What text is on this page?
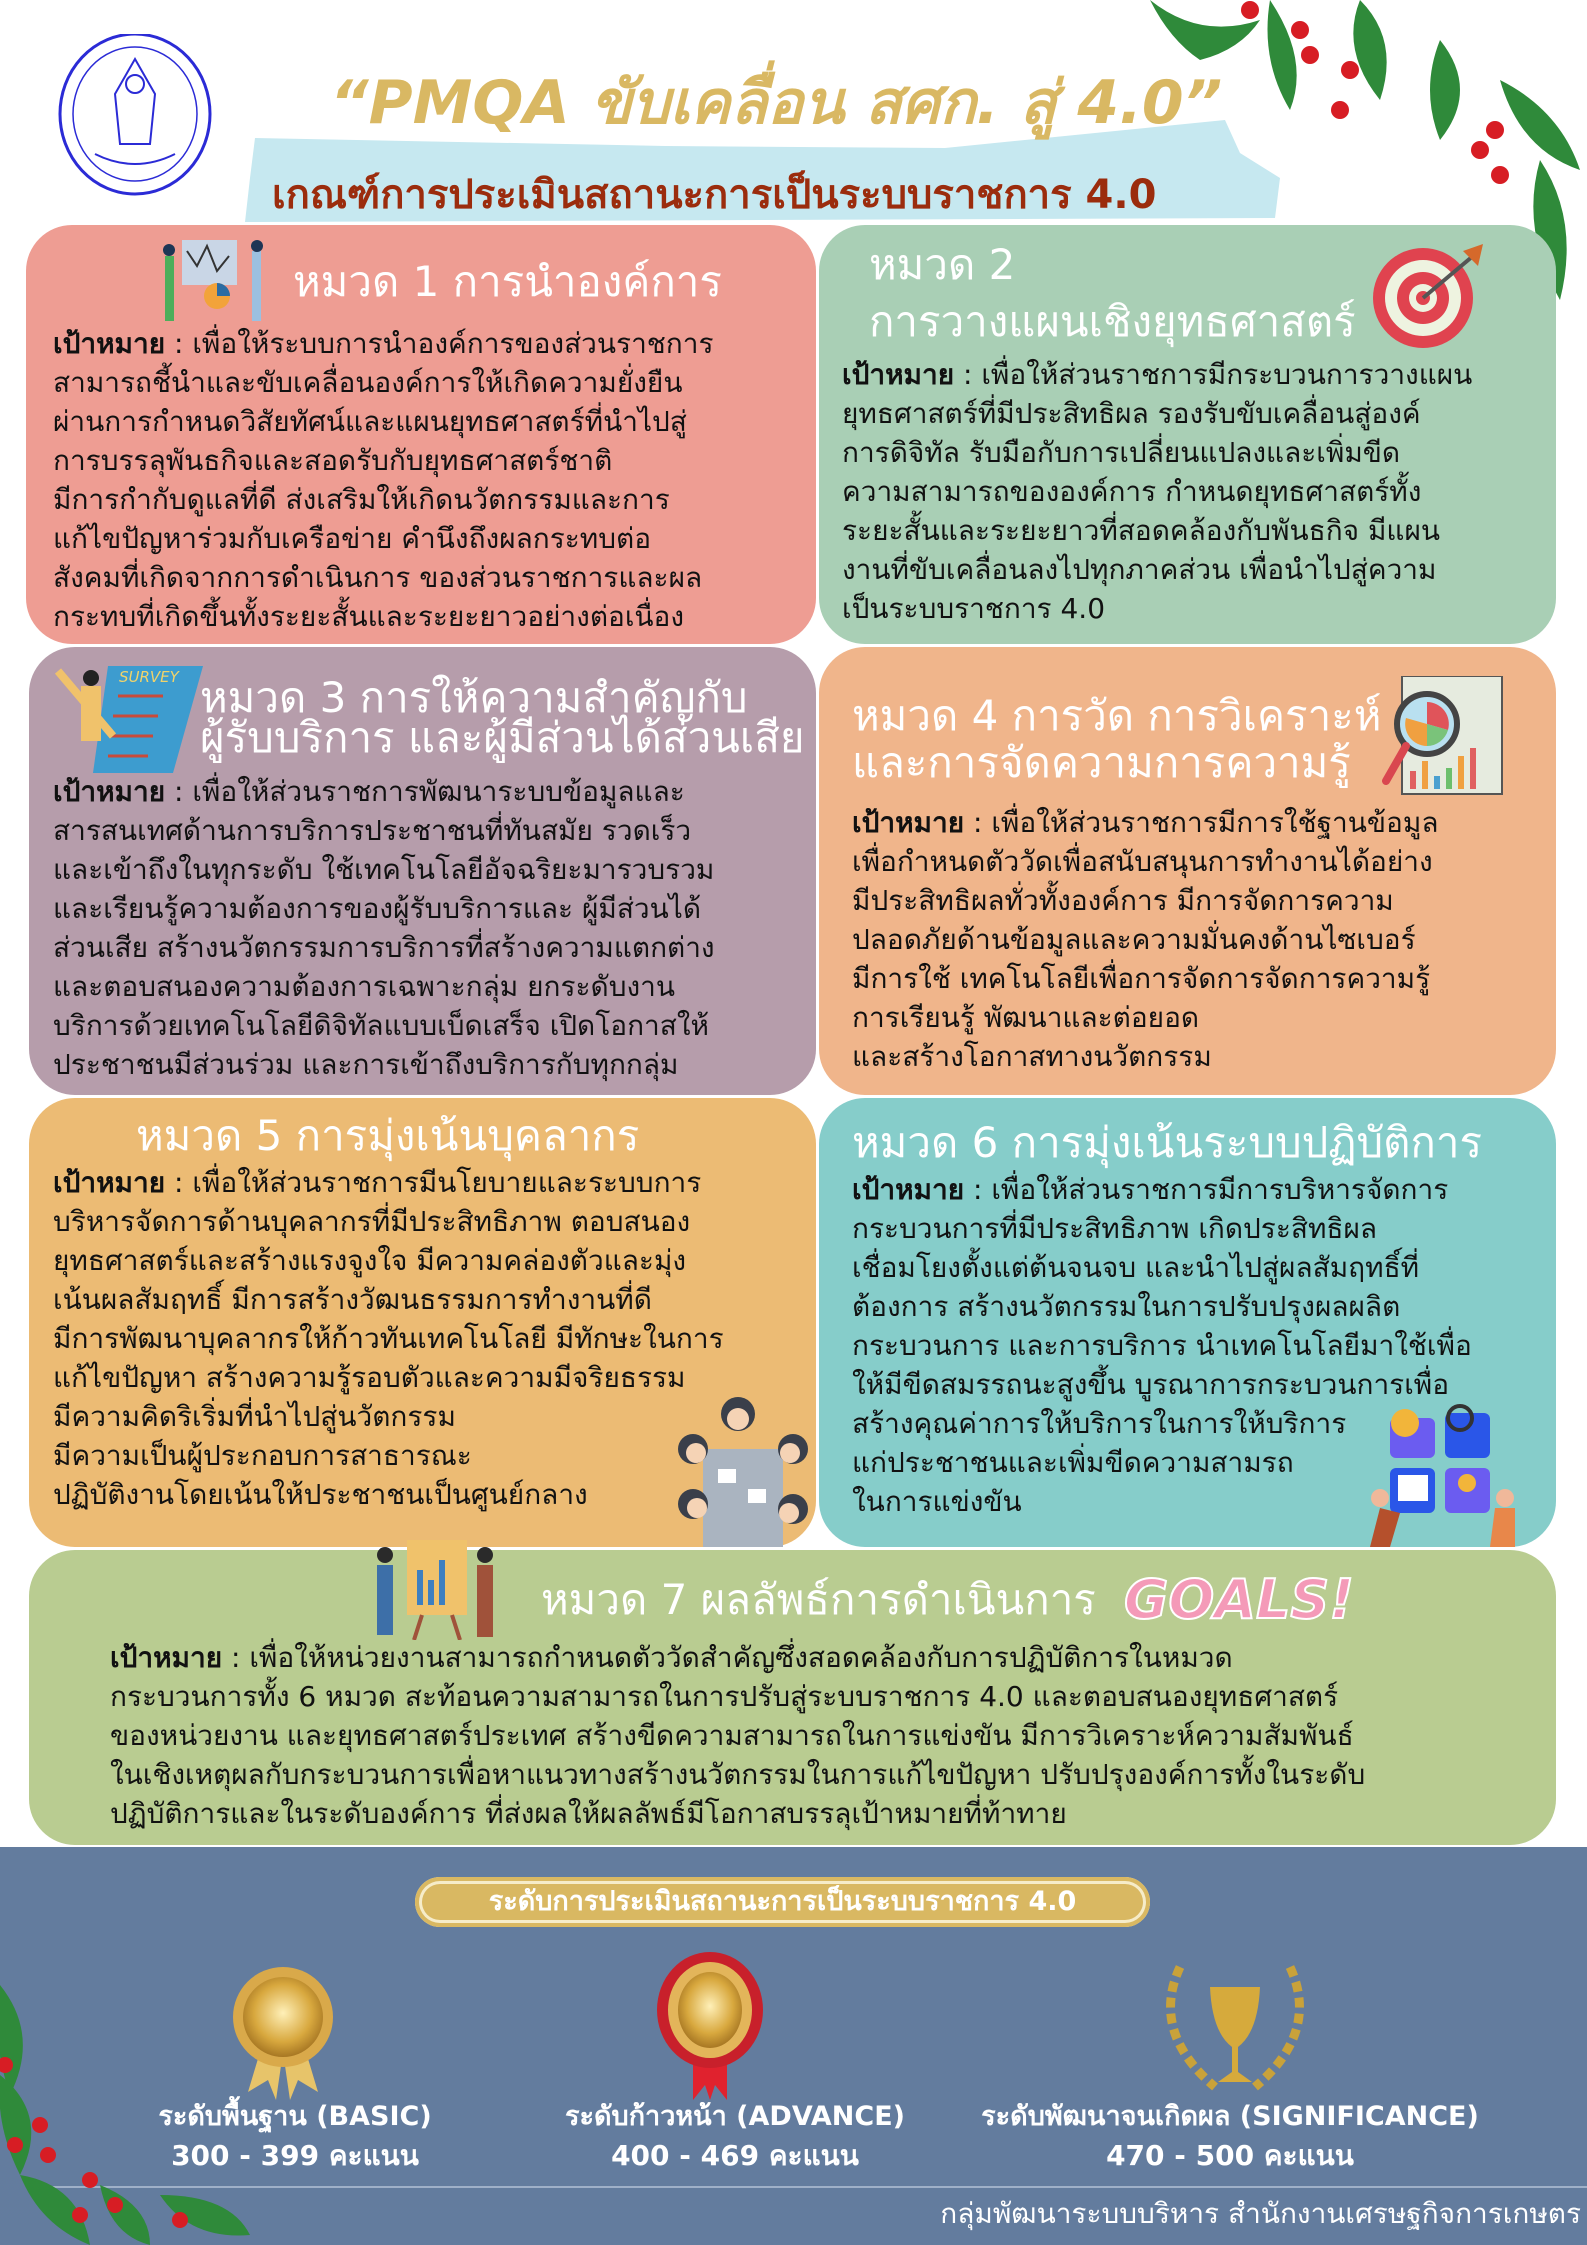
“PMQA ขับเคลื่อน สศก. สู่ 4.0”
เกณฑ์การประเมินสถานะการเป็นระบบราชการ 4.0
หมวด 1 การนำองค์การ
เป้าหมาย : เพื่อให้ระบบการนำองค์การของส่วนราชการ
สามารถชี้นำและขับเคลื่อนองค์การให้เกิดความยั่งยืน
ผ่านการกำหนดวิสัยทัศน์และแผนยุทธศาสตร์ที่นำไปสู่
การบรรลุพันธกิจและสอดรับกับยุทธศาสตร์ชาติ
มีการกำกับดูแลที่ดี ส่งเสริมให้เกิดนวัตกรรมและการ
แก้ไขปัญหาร่วมกับเครือข่าย คำนึงถึงผลกระทบต่อ
สังคมที่เกิดจากการดำเนินการ ของส่วนราชการและผล
กระทบที่เกิดขึ้นทั้งระยะสั้นและระยะยาวอย่างต่อเนื่อง
หมวด 2
การวางแผนเชิงยุทธศาสตร์
เป้าหมาย : เพื่อให้ส่วนราชการมีกระบวนการวางแผน
ยุทธศาสตร์ที่มีประสิทธิผล รองรับขับเคลื่อนสู่องค์
การดิจิทัล รับมือกับการเปลี่ยนแปลงและเพิ่มขีด
ความสามารถขององค์การ กำหนดยุทธศาสตร์ทั้ง
ระยะสั้นและระยะยาวที่สอดคล้องกับพันธกิจ มีแผน
งานที่ขับเคลื่อนลงไปทุกภาคส่วน เพื่อนำไปสู่ความ
เป็นระบบราชการ 4.0
SURVEY หมวด 3 การให้ความสำคัญกับ
ผู้รับบริการ และผู้มีส่วนได้ส่วนเสีย
เป้าหมาย : เพื่อให้ส่วนราชการพัฒนาระบบข้อมูลและ
สารสนเทศด้านการบริการประชาชนที่ทันสมัย รวดเร็ว
และเข้าถึงในทุกระดับ ใช้เทคโนโลยีอัจฉริยะมารวบรวม
และเรียนรู้ความต้องการของผู้รับบริการและ ผู้มีส่วนได้
ส่วนเสีย สร้างนวัตกรรมการบริการที่สร้างความแตกต่าง
และตอบสนองความต้องการเฉพาะกลุ่ม ยกระดับงาน
บริการด้วยเทคโนโลยีดิจิทัลแบบเบ็ดเสร็จ เปิดโอกาสให้
ประชาชนมีส่วนร่วม และการเข้าถึงบริการกับทุกกลุ่ม
หมวด 4 การวัด การวิเคราะห์
และการจัดความการความรู้
เป้าหมาย : เพื่อให้ส่วนราชการมีการใช้ฐานข้อมูล
เพื่อกำหนดตัววัดเพื่อสนับสนุนการทำงานได้อย่าง
มีประสิทธิผลทั่วทั้งองค์การ มีการจัดการความ
ปลอดภัยด้านข้อมูลและความมั่นคงด้านไซเบอร์
มีการใช้ เทคโนโลยีเพื่อการจัดการจัดการความรู้
การเรียนรู้ พัฒนาและต่อยอด
และสร้างโอกาสทางนวัตกรรม
หมวด 5 การมุ่งเน้นบุคลากร
เป้าหมาย : เพื่อให้ส่วนราชการมีนโยบายและระบบการ
บริหารจัดการด้านบุคลากรที่มีประสิทธิภาพ ตอบสนอง
ยุทธศาสตร์และสร้างแรงจูงใจ มีความคล่องตัวและมุ่ง
เน้นผลสัมฤทธิ์ มีการสร้างวัฒนธรรมการทำงานที่ดี
มีการพัฒนาบุคลากรให้ก้าวทันเทคโนโลยี มีทักษะในการ
แก้ไขปัญหา สร้างความรู้รอบตัวและความมีจริยธรรม
มีความคิดริเริ่มที่นำไปสู่นวัตกรรม
มีความเป็นผู้ประกอบการสาธารณะ
ปฏิบัติงานโดยเน้นให้ประชาชนเป็นศูนย์กลาง
หมวด 6 การมุ่งเน้นระบบปฏิบัติการ
เป้าหมาย : เพื่อให้ส่วนราชการมีการบริหารจัดการ
กระบวนการที่มีประสิทธิภาพ เกิดประสิทธิผล
เชื่อมโยงตั้งแต่ต้นจนจบ และนำไปสู่ผลสัมฤทธิ์ที่
ต้องการ สร้างนวัตกรรมในการปรับปรุงผลผลิต
กระบวนการ และการบริการ นำเทคโนโลยีมาใช้เพื่อ
ให้มีขีดสมรรถนะสูงขึ้น บูรณาการกระบวนการเพื่อ
สร้างคุณค่าการให้บริการในการให้บริการ
แก่ประชาชนและเพิ่มขีดความสามรถ
ในการแข่งขัน
หมวด 7 ผลลัพธ์การดำเนินการ GOALS!
เป้าหมาย : เพื่อให้หน่วยงานสามารถกำหนดตัววัดสำคัญซึ่งสอดคล้องกับการปฏิบัติการในหมวด
กระบวนการทั้ง 6 หมวด สะท้อนความสามารถในการปรับสู่ระบบราชการ 4.0 และตอบสนองยุทธศาสตร์
ของหน่วยงาน และยุทธศาสตร์ประเทศ สร้างขีดความสามารถในการแข่งขัน มีการวิเคราะห์ความสัมพันธ์
ในเชิงเหตุผลกับกระบวนการเพื่อหาแนวทางสร้างนวัตกรรมในการแก้ไขปัญหา ปรับปรุงองค์การทั้งในระดับ
ปฏิบัติการและในระดับองค์การ ที่ส่งผลให้ผลลัพธ์มีโอกาสบรรลุเป้าหมายที่ท้าทาย
ระดับการประเมินสถานะการเป็นระบบราชการ 4.0
ระดับพื้นฐาน (BASIC)
300 - 399 คะแนน
ระดับก้าวหน้า (ADVANCE)
400 - 469 คะแนน
ระดับพัฒนาจนเกิดผล (SIGNIFICANCE)
470 - 500 คะแนน
กลุ่มพัฒนาระบบบริหาร สำนักงานเศรษฐกิจการเกษตร
